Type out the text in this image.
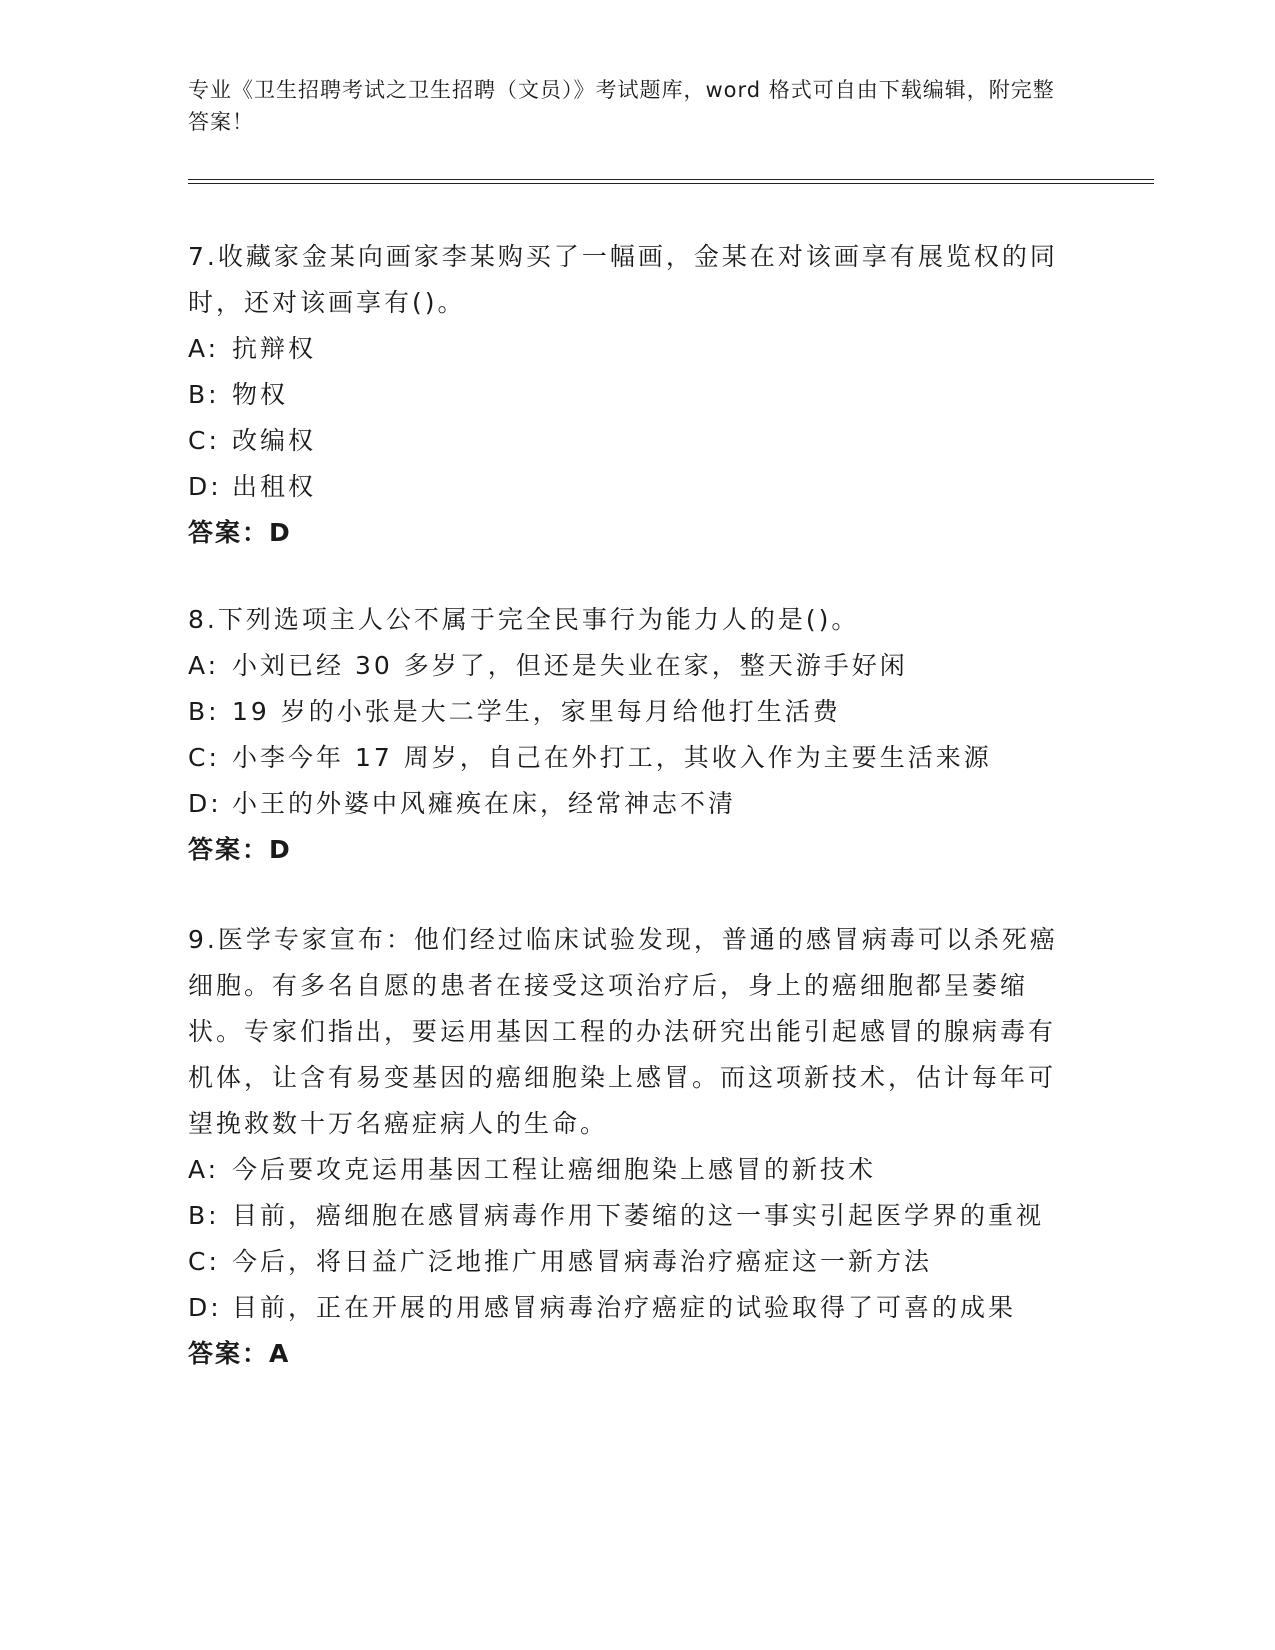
专业《卫生招聘考试之卫生招聘（文员）》考试题库，word 格式可自由下载编辑，附完整答案！

7.收藏家金某向画家李某购买了一幅画，金某在对该画享有展览权的同时，还对该画享有()。

A: 抗辩权

B: 物权

C: 改编权

D: 出租权

答案：D

8.下列选项主人公不属于完全民事行为能力人的是()。

A: 小刘已经 30 多岁了，但还是失业在家，整天游手好闲

B: 19 岁的小张是大二学生，家里每月给他打生活费

C: 小李今年 17 周岁，自己在外打工，其收入作为主要生活来源

D: 小王的外婆中风瘫痪在床，经常神志不清

答案：D

9.医学专家宣布：他们经过临床试验发现，普通的感冒病毒可以杀死癌细胞。有多名自愿的患者在接受这项治疗后，身上的癌细胞都呈萎缩状。专家们指出，要运用基因工程的办法研究出能引起感冒的腺病毒有机体，让含有易变基因的癌细胞染上感冒。而这项新技术，估计每年可望挽救数十万名癌症病人的生命。

A: 今后要攻克运用基因工程让癌细胞染上感冒的新技术

B: 目前，癌细胞在感冒病毒作用下萎缩的这一事实引起医学界的重视

C: 今后，将日益广泛地推广用感冒病毒治疗癌症这一新方法

D: 目前，正在开展的用感冒病毒治疗癌症的试验取得了可喜的成果

答案：A
